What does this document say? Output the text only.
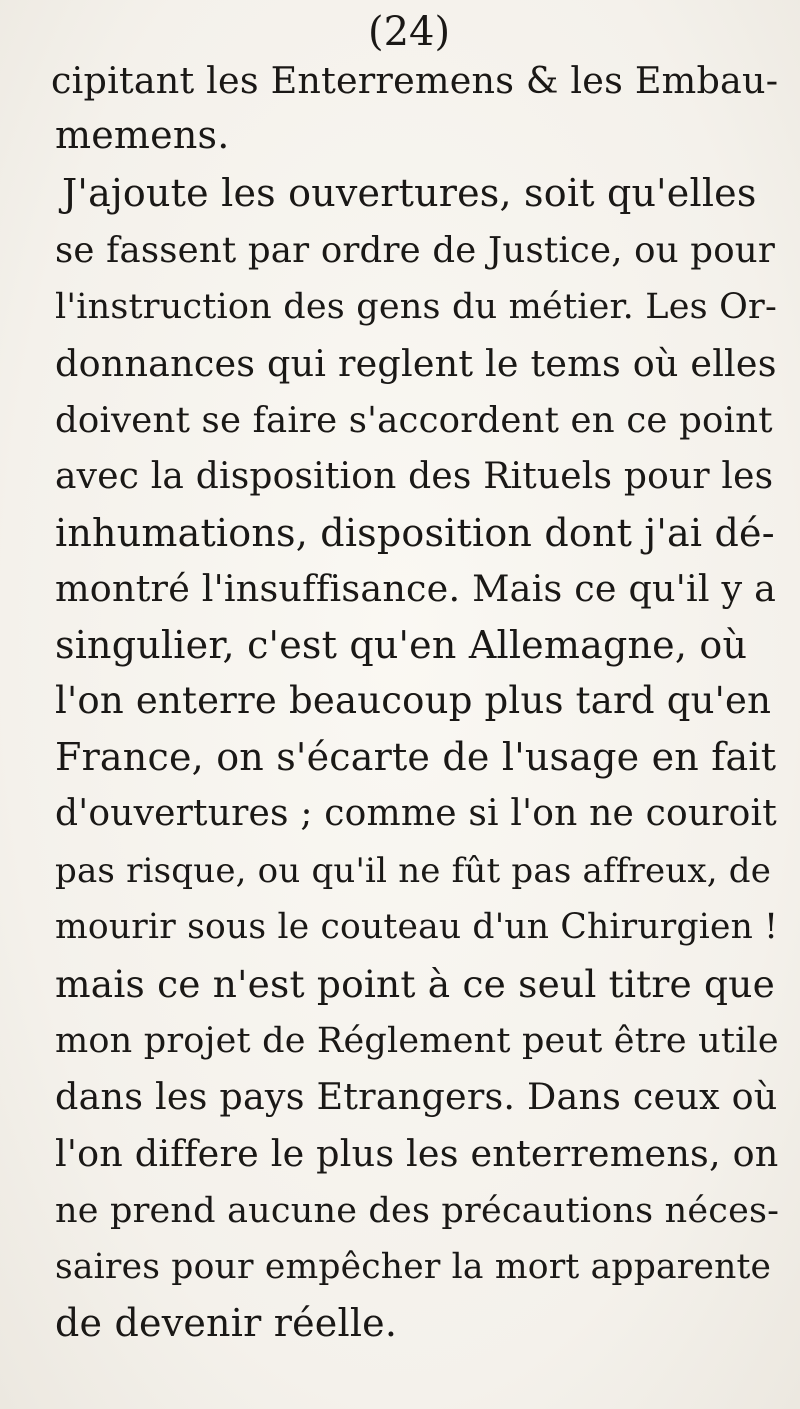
(24)
cipitant les Enterremens & les Embau-
memens.
J'ajoute les ouvertures, soit qu'elles
se fassent par ordre de Justice, ou pour
l'instruction des gens du métier. Les Or-
donnances qui reglent le tems où elles
doivent se faire s'accordent en ce point
avec la disposition des Rituels pour les
inhumations, disposition dont j'ai dé-
montré l'insuffisance. Mais ce qu'il y a
singulier, c'est qu'en Allemagne, où
l'on enterre beaucoup plus tard qu'en
France, on s'écarte de l'usage en fait
d'ouvertures ; comme si l'on ne couroit
pas risque, ou qu'il ne fût pas affreux, de
mourir sous le couteau d'un Chirurgien !
mais ce n'est point à ce seul titre que
mon projet de Réglement peut être utile
dans les pays Etrangers. Dans ceux où
l'on differe le plus les enterremens, on
ne prend aucune des précautions néces-
saires pour empêcher la mort apparente
de devenir réelle.
